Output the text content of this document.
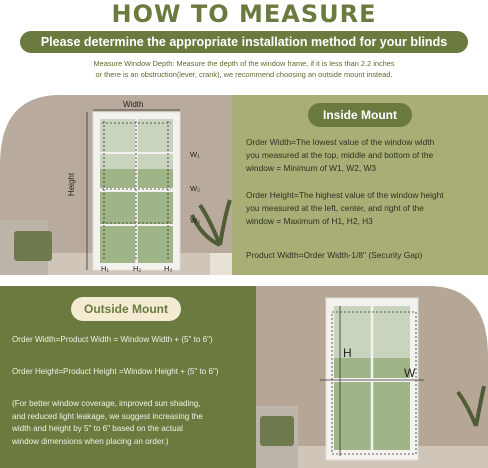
HOW TO MEASURE
Please determine the appropriate installation method for your blinds
Measure Window Depth: Measure the depth of the window frame, if it is less than 2.2 inches
or there is an obstruction(lever, crank), we recommend choosing an outside mount instead.
Width
Height
W₁
W₂
W₃
H₁	H₂	H₃
Inside Mount
Order Width=The lowest value of the window width
you measured at the top, middle and bottom of the
window = Minimum of W1, W2, W3
Order Height=The highest value of the window height
you measured at the left, center, and right of the
window = Maximum of H1, H2, H3
Product Width=Order Width-1/8" (Security Gap)
Outside Mount
Order Width=Product Width = Window Width + (5" to 6")
Order Height=Product Height =Window Height + (5" to 6")
(For better window coverage, improved sun shading,
and reduced light leakage, we suggest increasing the
width and height by 5" to 6" based on the actual
window dimensions when placing an order.)
H
W
